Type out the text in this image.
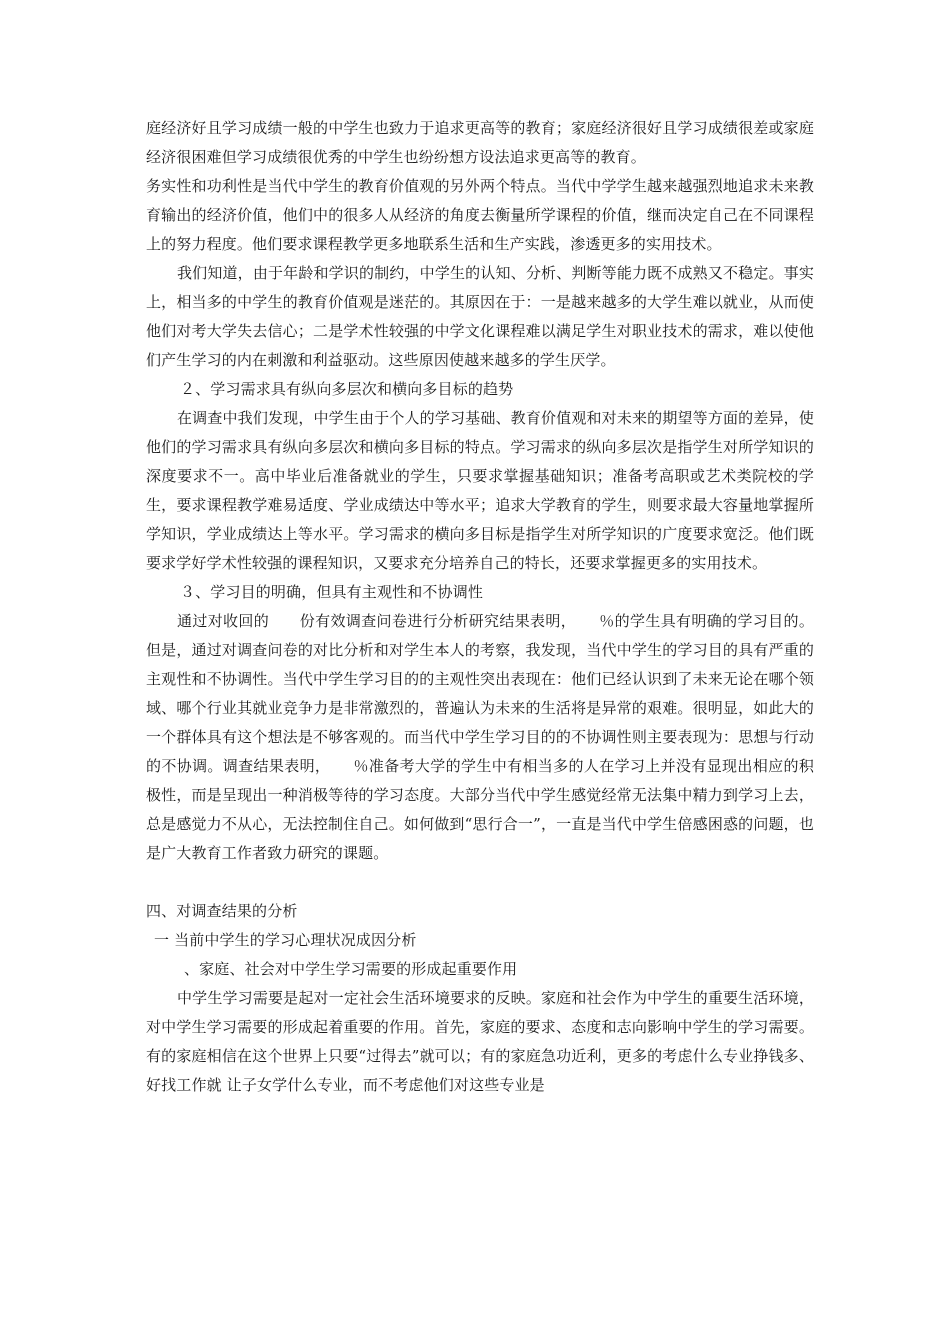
庭经济好且学习成绩一般的中学生也致力于追求更高等的教育；家庭经济很好且学习成绩很差或家庭经济很困难但学习成绩很优秀的中学生也纷纷想方设法追求更高等的教育。

务实性和功利性是当代中学生的教育价值观的另外两个特点。当代中学学生越来越强烈地追求未来教育输出的经济价值，他们中的很多人从经济的角度去衡量所学课程的价值，继而决定自己在不同课程上的努力程度。他们要求课程教学更多地联系生活和生产实践，渗透更多的实用技术。

我们知道，由于年龄和学识的制约，中学生的认知、分析、判断等能力既不成熟又不稳定。事实上，相当多的中学生的教育价值观是迷茫的。其原因在于：一是越来越多的大学生难以就业，从而使他们对考大学失去信心；二是学术性较强的中学文化课程难以满足学生对职业技术的需求，难以使他们产生学习的内在刺激和利益驱动。这些原因使越来越多的学生厌学。

２、学习需求具有纵向多层次和横向多目标的趋势

在调查中我们发现，中学生由于个人的学习基础、教育价值观和对未来的期望等方面的差异，使他们的学习需求具有纵向多层次和横向多目标的特点。学习需求的纵向多层次是指学生对所学知识的深度要求不一。高中毕业后准备就业的学生，只要求掌握基础知识；准备考高职或艺术类院校的学生，要求课程教学难易适度、学业成绩达中等水平；追求大学教育的学生，则要求最大容量地掌握所学知识，学业成绩达上等水平。学习需求的横向多目标是指学生对所学知识的广度要求宽泛。他们既要求学好学术性较强的课程知识，又要求充分培养自己的特长，还要求掌握更多的实用技术。

３、学习目的明确，但具有主观性和不协调性

通过对收回的　　份有效调查问卷进行分析研究结果表明，　　％的学生具有明确的学习目的。但是，通过对调查问卷的对比分析和对学生本人的考察，我发现，当代中学生的学习目的具有严重的主观性和不协调性。当代中学生学习目的的主观性突出表现在：他们已经认识到了未来无论在哪个领域、哪个行业其就业竞争力是非常激烈的，普遍认为未来的生活将是异常的艰难。很明显，如此大的一个群体具有这个想法是不够客观的。而当代中学生学习目的的不协调性则主要表现为：思想与行动的不协调。调查结果表明，　　％准备考大学的学生中有相当多的人在学习上并没有显现出相应的积极性，而是呈现出一种消极等待的学习态度。大部分当代中学生感觉经常无法集中精力到学习上去，总是感觉力不从心，无法控制住自己。如何做到“思行合一”，一直是当代中学生倍感困惑的问题，也是广大教育工作者致力研究的课题。

四、对调查结果的分析

一 当前中学生的学习心理状况成因分析

、家庭、社会对中学生学习需要的形成起重要作用

中学生学习需要是起对一定社会生活环境要求的反映。家庭和社会作为中学生的重要生活环境，对中学生学习需要的形成起着重要的作用。首先，家庭的要求、态度和志向影响中学生的学习需要。有的家庭相信在这个世界上只要“过得去”就可以；有的家庭急功近利，更多的考虑什么专业挣钱多、好找工作就 让子女学什么专业，而不考虑他们对这些专业是
